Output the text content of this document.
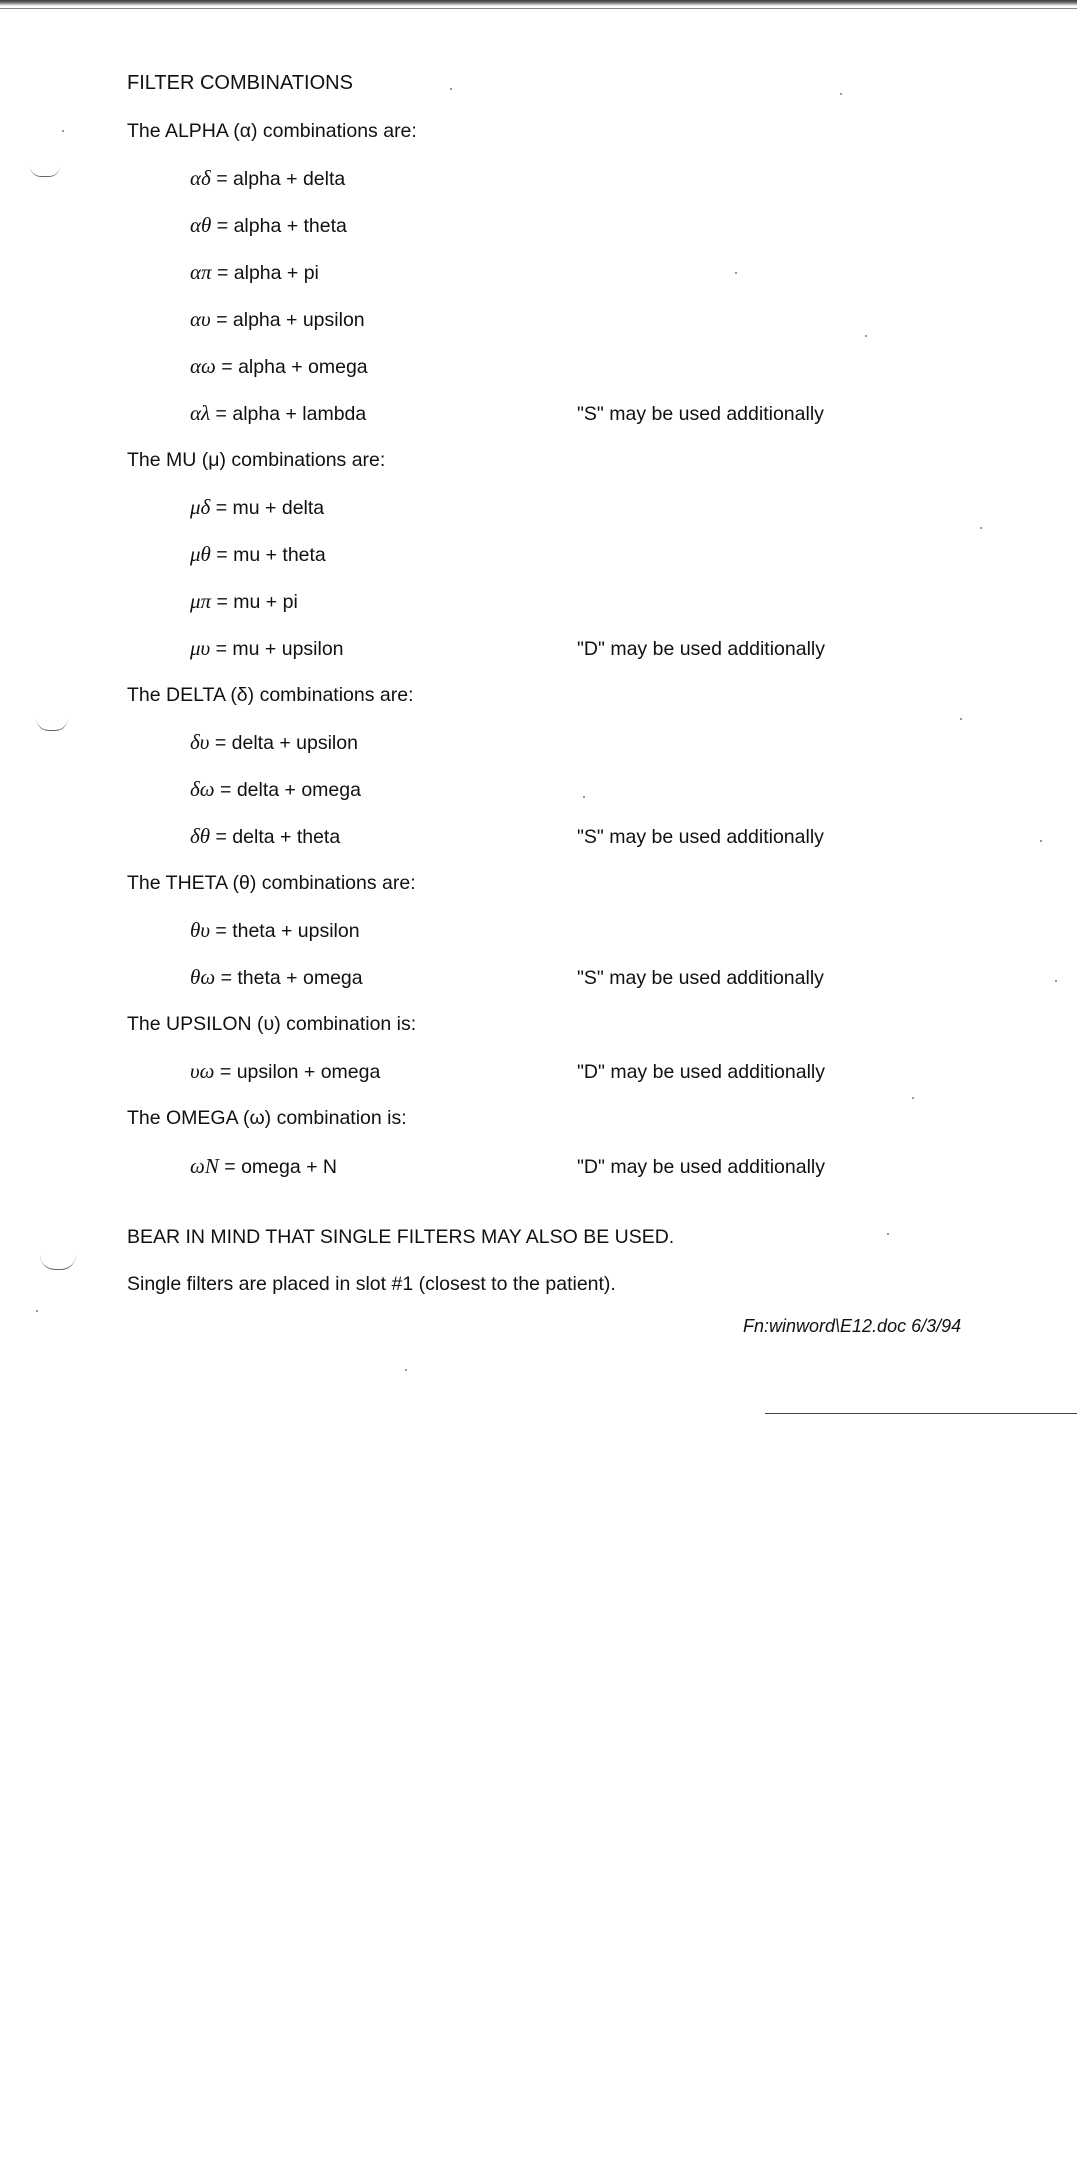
FILTER COMBINATIONS
The ALPHA (α) combinations are:
αδ = alpha + delta
αθ = alpha + theta
απ = alpha + pi
αυ = alpha + upsilon
αω = alpha + omega
αλ = alpha + lambda	"S" may be used additionally
The MU (μ) combinations are:
μδ = mu + delta
μθ = mu + theta
μπ = mu + pi
μυ = mu + upsilon	"D" may be used additionally
The DELTA (δ) combinations are:
δυ = delta + upsilon
δω = delta + omega
δθ = delta + theta	"S" may be used additionally
The THETA (θ) combinations are:
θυ = theta + upsilon
θω = theta + omega	"S" may be used additionally
The UPSILON (υ) combination is:
υω = upsilon + omega	"D" may be used additionally
The OMEGA (ω) combination is:
ωN = omega + N	"D" may be used additionally
BEAR IN MIND THAT SINGLE FILTERS MAY ALSO BE USED.
Single filters are placed in slot #1 (closest to the patient).
Fn:winword\E12.doc 6/3/94
